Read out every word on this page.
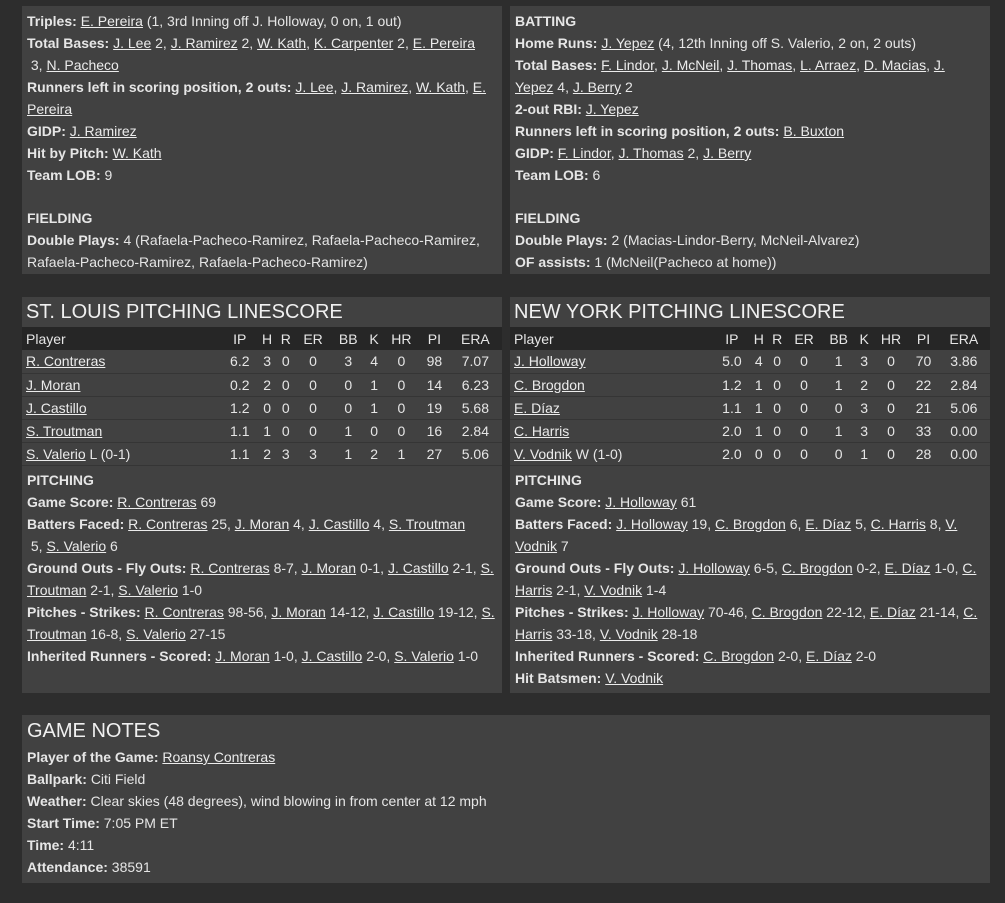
Triples: E. Pereira (1, 3rd Inning off J. Holloway, 0 on, 1 out)
Total Bases: J. Lee 2, J. Ramirez 2, W. Kath, K. Carpenter 2, E. Pereira 3, N. Pacheco
Runners left in scoring position, 2 outs: J. Lee, J. Ramirez, W. Kath, E. Pereira
GIDP: J. Ramirez
Hit by Pitch: W. Kath
Team LOB: 9
FIELDING
Double Plays: 4 (Rafaela-Pacheco-Ramirez, Rafaela-Pacheco-Ramirez, Rafaela-Pacheco-Ramirez, Rafaela-Pacheco-Ramirez)
BATTING
Home Runs: J. Yepez (4, 12th Inning off S. Valerio, 2 on, 2 outs)
Total Bases: F. Lindor, J. McNeil, J. Thomas, L. Arraez, D. Macias, J. Yepez 4, J. Berry 2
2-out RBI: J. Yepez
Runners left in scoring position, 2 outs: B. Buxton
GIDP: F. Lindor, J. Thomas 2, J. Berry
Team LOB: 6
FIELDING
Double Plays: 2 (Macias-Lindor-Berry, McNeil-Alvarez)
OF assists: 1 (McNeil(Pacheco at home))
ST. LOUIS PITCHING LINESCORE
Player	IP	H	R	ER	BB	K	HR	PI	ERA
R. Contreras	6.2	3	0	0	3	4	0	98	7.07
J. Moran	0.2	2	0	0	0	1	0	14	6.23
J. Castillo	1.2	0	0	0	0	1	0	19	5.68
S. Troutman	1.1	1	0	0	1	0	0	16	2.84
S. Valerio L (0-1)	1.1	2	3	3	1	2	1	27	5.06
PITCHING
Game Score: R. Contreras 69
Batters Faced: R. Contreras 25, J. Moran 4, J. Castillo 4, S. Troutman 5, S. Valerio 6
Ground Outs - Fly Outs: R. Contreras 8-7, J. Moran 0-1, J. Castillo 2-1, S. Troutman 2-1, S. Valerio 1-0
Pitches - Strikes: R. Contreras 98-56, J. Moran 14-12, J. Castillo 19-12, S. Troutman 16-8, S. Valerio 27-15
Inherited Runners - Scored: J. Moran 1-0, J. Castillo 2-0, S. Valerio 1-0
NEW YORK PITCHING LINESCORE
Player	IP	H	R	ER	BB	K	HR	PI	ERA
J. Holloway	5.0	4	0	0	1	3	0	70	3.86
C. Brogdon	1.2	1	0	0	1	2	0	22	2.84
E. Díaz	1.1	1	0	0	0	3	0	21	5.06
C. Harris	2.0	1	0	0	1	3	0	33	0.00
V. Vodnik W (1-0)	2.0	0	0	0	0	1	0	28	0.00
PITCHING
Game Score: J. Holloway 61
Batters Faced: J. Holloway 19, C. Brogdon 6, E. Díaz 5, C. Harris 8, V. Vodnik 7
Ground Outs - Fly Outs: J. Holloway 6-5, C. Brogdon 0-2, E. Díaz 1-0, C. Harris 2-1, V. Vodnik 1-4
Pitches - Strikes: J. Holloway 70-46, C. Brogdon 22-12, E. Díaz 21-14, C. Harris 33-18, V. Vodnik 28-18
Inherited Runners - Scored: C. Brogdon 2-0, E. Díaz 2-0
Hit Batsmen: V. Vodnik
GAME NOTES
Player of the Game: Roansy Contreras
Ballpark: Citi Field
Weather: Clear skies (48 degrees), wind blowing in from center at 12 mph
Start Time: 7:05 PM ET
Time: 4:11
Attendance: 38591
